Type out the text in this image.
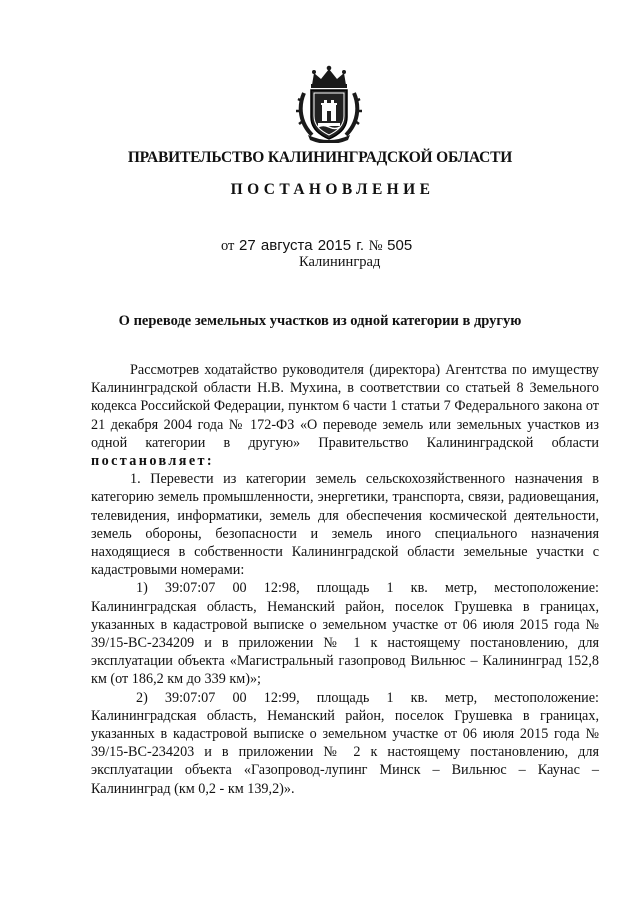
ПРАВИТЕЛЬСТВО КАЛИНИНГРАДСКОЙ ОБЛАСТИ
ПОСТАНОВЛЕНИЕ
от 27 августа 2015 г. № 505
Калининград
О переводе земельных участков из одной категории в другую

Рассмотрев ходатайство руководителя (директора) Агентства по имуществу Калининградской области Н.В. Мухина, в соответствии со статьей 8 Земельного кодекса Российской Федерации, пунктом 6 части 1 статьи 7 Федерального закона от 21 декабря 2004 года № 172-ФЗ «О переводе земель или земельных участков из одной категории в другую» Правительство Калининградской области постановляет:

1. Перевести из категории земель сельскохозяйственного назначения в категорию земель промышленности, энергетики, транспорта, связи, радиовещания, телевидения, информатики, земель для обеспечения космической деятельности, земель обороны, безопасности и земель иного специального назначения находящиеся в собственности Калининградской области земельные участки с кадастровыми номерами:

1) 39:07:07 00 12:98, площадь 1 кв. метр, местоположение: Калининградская область, Неманский район, поселок Грушевка в границах, указанных в кадастровой выписке о земельном участке от 06 июля 2015 года № 39/15-ВС-234209 и в приложении № 1 к настоящему постановлению, для эксплуатации объекта «Магистральный газопровод Вильнюс – Калининград 152,8 км (от 186,2 км до 339 км)»;

2) 39:07:07 00 12:99, площадь 1 кв. метр, местоположение: Калининградская область, Неманский район, поселок Грушевка в границах, указанных в кадастровой выписке о земельном участке от 06 июля 2015 года № 39/15-ВС-234203 и в приложении № 2 к настоящему постановлению, для эксплуатации объекта «Газопровод-лупинг Минск – Вильнюс – Каунас – Калининград (км 0,2 - км 139,2)».
